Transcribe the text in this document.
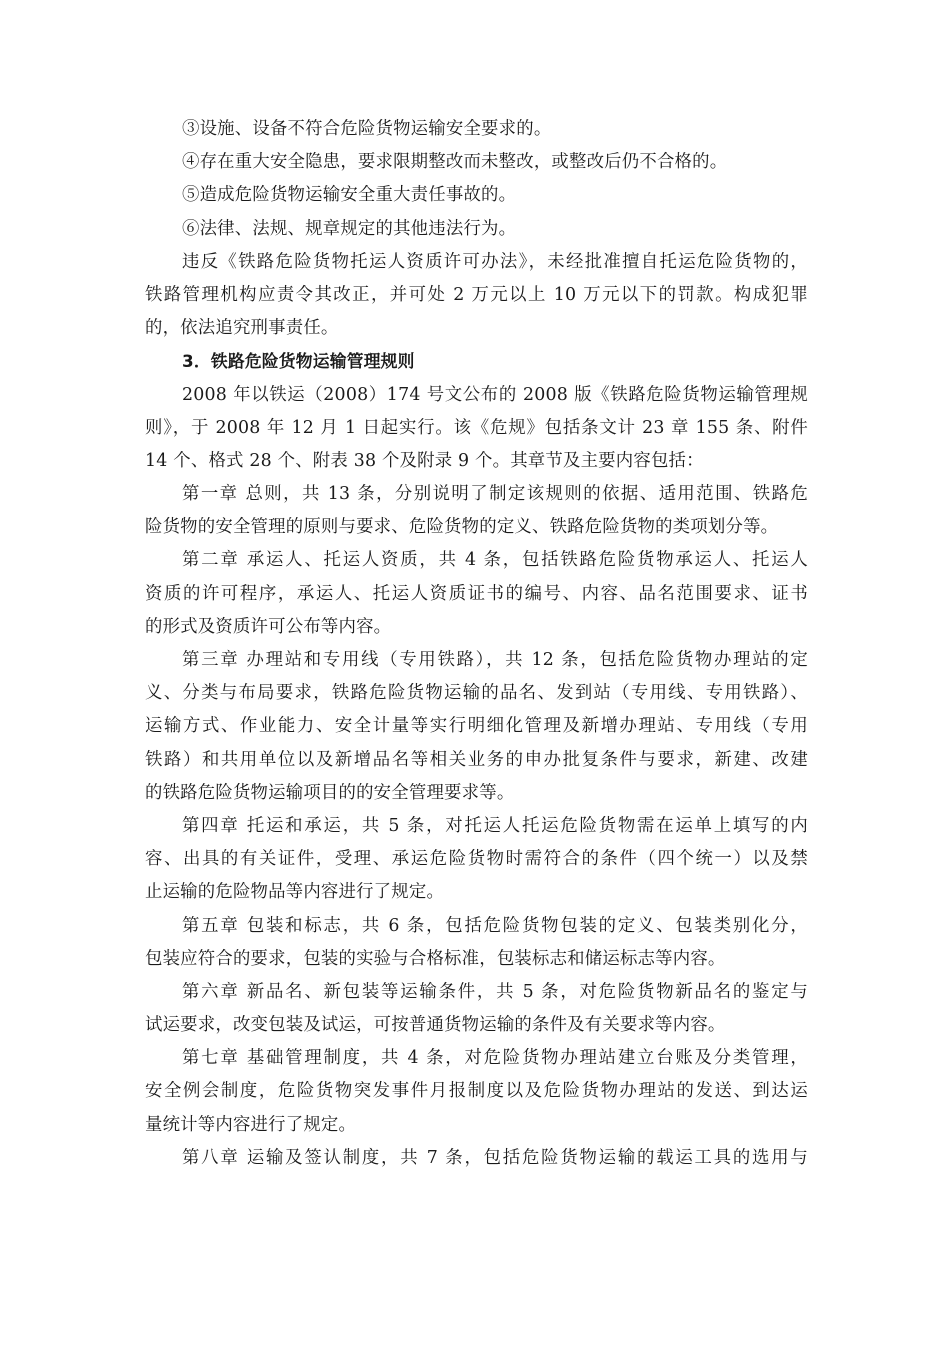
③设施、设备不符合危险货物运输安全要求的。
④存在重大安全隐患，要求限期整改而未整改，或整改后仍不合格的。
⑤造成危险货物运输安全重大责任事故的。
⑥法律、法规、规章规定的其他违法行为。
违反《铁路危险货物托运人资质许可办法》，未经批准擅自托运危险货物的，
铁路管理机构应责令其改正，并可处 2 万元以上 10 万元以下的罚款。构成犯罪
的，依法追究刑事责任。
3．铁路危险货物运输管理规则
2008 年以铁运（2008）174 号文公布的 2008 版《铁路危险货物运输管理规
则》，于 2008 年 12 月 1 日起实行。该《危规》包括条文计 23 章 155 条、附件
14 个、格式 28 个、附表 38 个及附录 9 个。其章节及主要内容包括：
第一章 总则，共 13 条，分别说明了制定该规则的依据、适用范围、铁路危
险货物的安全管理的原则与要求、危险货物的定义、铁路危险货物的类项划分等。
第二章 承运人、托运人资质，共 4 条，包括铁路危险货物承运人、托运人
资质的许可程序，承运人、托运人资质证书的编号、内容、品名范围要求、证书
的形式及资质许可公布等内容。
第三章 办理站和专用线（专用铁路），共 12 条，包括危险货物办理站的定
义、分类与布局要求，铁路危险货物运输的品名、发到站（专用线、专用铁路）、
运输方式、作业能力、安全计量等实行明细化管理及新增办理站、专用线（专用
铁路）和共用单位以及新增品名等相关业务的申办批复条件与要求，新建、改建
的铁路危险货物运输项目的的安全管理要求等。
第四章 托运和承运，共 5 条，对托运人托运危险货物需在运单上填写的内
容、出具的有关证件，受理、承运危险货物时需符合的条件（四个统一）以及禁
止运输的危险物品等内容进行了规定。
第五章 包装和标志，共 6 条，包括危险货物包装的定义、包装类别化分，
包装应符合的要求，包装的实验与合格标准，包装标志和储运标志等内容。
第六章 新品名、新包装等运输条件，共 5 条，对危险货物新品名的鉴定与
试运要求，改变包装及试运，可按普通货物运输的条件及有关要求等内容。
第七章 基础管理制度，共 4 条，对危险货物办理站建立台账及分类管理，
安全例会制度，危险货物突发事件月报制度以及危险货物办理站的发送、到达运
量统计等内容进行了规定。
第八章 运输及签认制度，共 7 条，包括危险货物运输的载运工具的选用与
